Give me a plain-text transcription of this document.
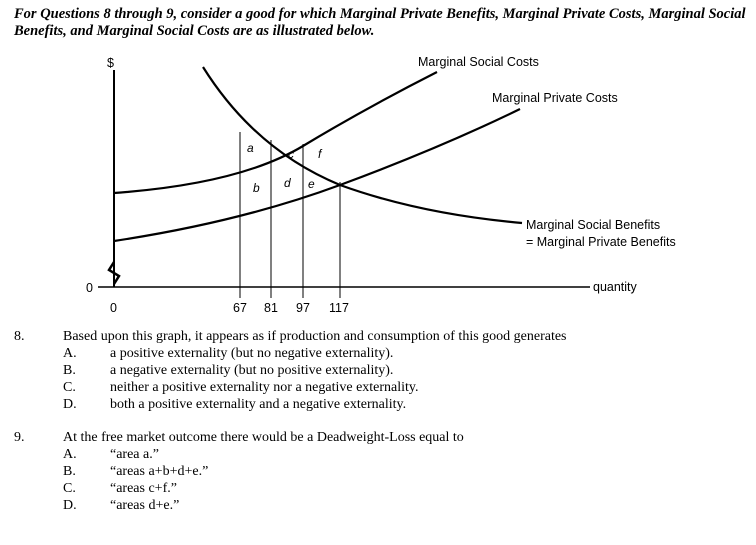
For Questions 8 through 9, consider a good for which Marginal Private Benefits, Marginal Private Costs, Marginal Social Benefits, and Marginal Social Costs are as illustrated below.

Marginal Social Costs
Marginal Private Costs
Marginal Social Benefits
= Marginal Private Benefits
$
quantity
0
0	67 81 97 117
a
b
c
d e
f
8.	Based upon this graph, it appears as if production and consumption of this good generates
A. a positive externality (but no negative externality).
B. a negative externality (but no positive externality).
C. neither a positive externality nor a negative externality.
D. both a positive externality and a negative externality.
9.	At the free market outcome there would be a Deadweight-Loss equal to
A. “area a.”
B. “areas a+b+d+e.”
C. “areas c+f.”
D. “areas d+e.”
